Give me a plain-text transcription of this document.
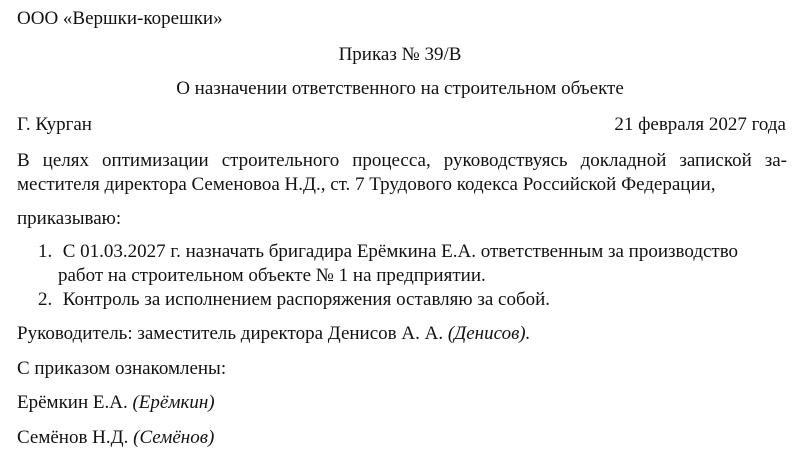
ООО «Вершки-корешки»
Приказ № 39/В
О назначении ответственного на строительном объекте
Г. Курган	21 февраля 2027 года
В целях оптимизации строительного процесса, руководствуясь докладной запиской за-
местителя директора Семеновоа Н.Д., ст. 7 Трудового кодекса Российской Федерации,
приказываю:
1. С 01.03.2027 г. назначать бригадира Ерёмкина Е.А. ответственным за производство
работ на строительном объекте № 1 на предприятии.
2. Контроль за исполнением распоряжения оставляю за собой.
Руководитель: заместитель директора Денисов А. А. (Денисов).
С приказом ознакомлены:
Ерёмкин Е.А. (Ерёмкин)
Семёнов Н.Д. (Семёнов)
